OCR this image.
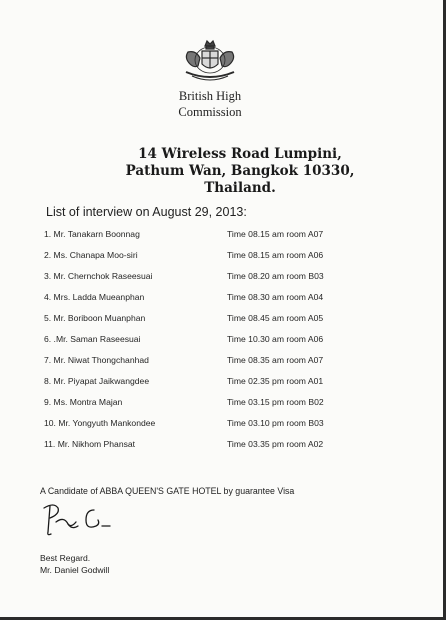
British High
Commission
14 Wireless Road Lumpini,
Pathum Wan, Bangkok 10330,
Thailand.
List of interview on August 29, 2013:
1. Mr. Tanakarn Boonnag	Time 08.15 am room A07
2. Ms. Chanapa Moo-siri	Time 08.15 am room A06
3. Mr. Chernchok Raseesuai	Time 08.20 am room B03
4. Mrs. Ladda Mueanphan	Time 08.30 am room A04
5. Mr. Boriboon Muanphan	Time 08.45 am room A05
6. .Mr. Saman Raseesuai	Time 10.30 am room A06
7. Mr. Niwat Thongchanhad	Time 08.35 am room A07
8. Mr. Piyapat Jaikwangdee	Time 02.35 pm room A01
9. Ms. Montra Majan	Time 03.15 pm room B02
10. Mr. Yongyuth Mankondee	Time 03.10 pm room B03
11. Mr. Nikhom Phansat	Time 03.35 pm room A02
A Candidate of ABBA QUEEN'S GATE HOTEL by guarantee Visa
Best Regard.
Mr. Daniel Godwill
